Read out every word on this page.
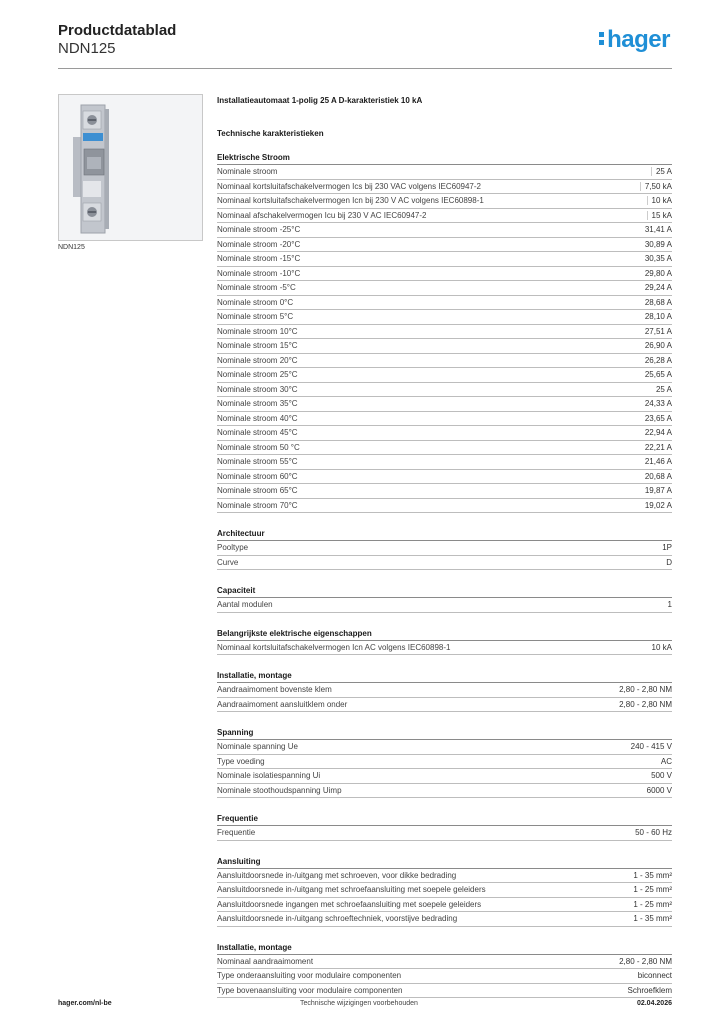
Productdatablad
NDN125	hager
NDN125
Installatieautomaat 1-polig 25 A D-karakteristiek 10 kA
Technische karakteristieken
Elektrische Stroom
Nominale stroom	25 A
Nominaal kortsluitafschakelvermogen Ics bij 230 VAC volgens IEC60947-2	7,50 kA
Nominaal kortsluitafschakelvermogen Icn bij 230 V AC volgens IEC60898-1	10 kA
Nominaal afschakelvermogen Icu bij 230 V AC IEC60947-2	15 kA
Nominale stroom -25°C	31,41 A
Nominale stroom -20°C	30,89 A
Nominale stroom -15°C	30,35 A
Nominale stroom -10°C	29,80 A
Nominale stroom -5°C	29,24 A
Nominale stroom 0°C	28,68 A
Nominale stroom 5°C	28,10 A
Nominale stroom 10°C	27,51 A
Nominale stroom 15°C	26,90 A
Nominale stroom 20°C	26,28 A
Nominale stroom 25°C	25,65 A
Nominale stroom 30°C	25 A
Nominale stroom 35°C	24,33 A
Nominale stroom 40°C	23,65 A
Nominale stroom 45°C	22,94 A
Nominale stroom 50 °C	22,21 A
Nominale stroom 55°C	21,46 A
Nominale stroom 60°C	20,68 A
Nominale stroom 65°C	19,87 A
Nominale stroom 70°C	19,02 A
Architectuur
Pooltype	1P
Curve	D
Capaciteit
Aantal modulen	1
Belangrijkste elektrische eigenschappen
Nominaal kortsluitafschakelvermogen Icn AC volgens IEC60898-1	10 kA
Installatie, montage
Aandraaimoment bovenste klem	2,80 - 2,80 NM
Aandraaimoment aansluitklem onder	2,80 - 2,80 NM
Spanning
Nominale spanning Ue	240 - 415 V
Type voeding	AC
Nominale isolatiespanning Ui	500 V
Nominale stoothoudspanning Uimp	6000 V
Frequentie
Frequentie	50 - 60 Hz
Aansluiting
Aansluitdoorsnede in-/uitgang met schroeven, voor dikke bedrading	1 - 35 mm²
Aansluitdoorsnede in-/uitgang met schroefaansluiting met soepele geleiders	1 - 25 mm²
Aansluitdoorsnede ingangen met schroefaansluiting met soepele geleiders	1 - 25 mm²
Aansluitdoorsnede in-/uitgang schroeftechniek, voorstijve bedrading	1 - 35 mm²
Installatie, montage
Nominaal aandraaimoment	2,80 - 2,80 NM
Type onderaansluiting voor modulaire componenten	biconnect
Type bovenaansluiting voor modulaire componenten	Schroefklem
hager.com/nl-be	Technische wijzigingen voorbehouden	02.04.2026
